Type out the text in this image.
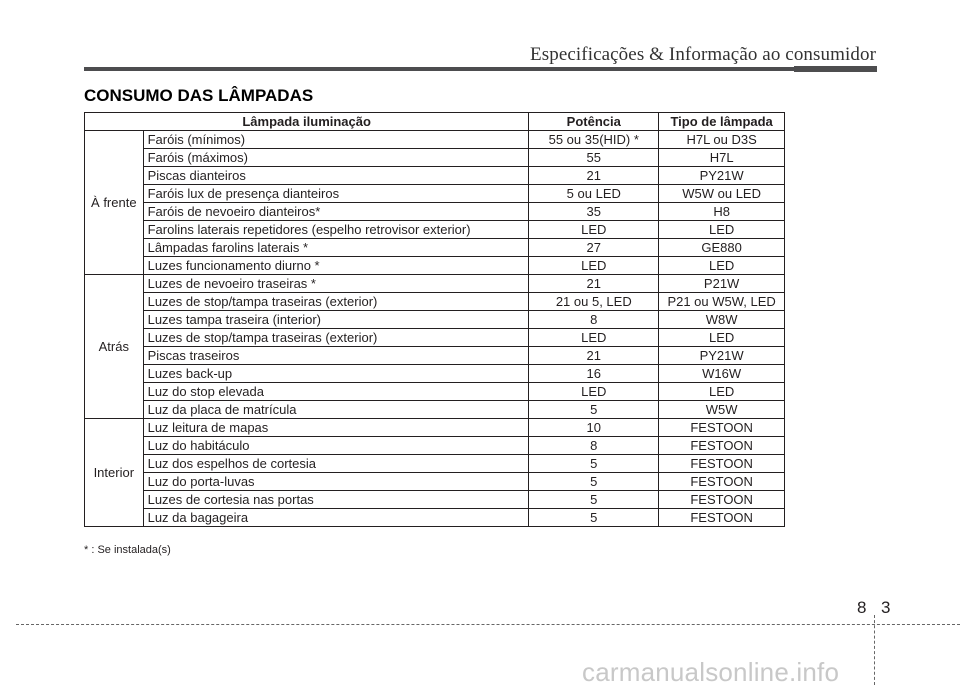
Especificações & Informação ao consumidor
CONSUMO DAS LÂMPADAS
Lâmpada iluminação		Potência	Tipo de lâmpada
À frente	Faróis (mínimos)	55 ou 35(HID) *	H7L ou D3S
	Faróis (máximos)	55	H7L
	Piscas dianteiros	21	PY21W
	Faróis lux de presença dianteiros	5 ou LED	W5W ou LED
	Faróis de nevoeiro dianteiros*	35	H8
	Farolins laterais repetidores (espelho retrovisor exterior)	LED	LED
	Lâmpadas farolins laterais *	27	GE880
	Luzes funcionamento diurno *	LED	LED
Atrás	Luzes de nevoeiro traseiras *	21	P21W
	Luzes de stop/tampa traseiras (exterior)	21 ou 5, LED	P21 ou W5W, LED
	Luzes tampa traseira (interior)	8	W8W
	Luzes de stop/tampa traseiras (exterior)	LED	LED
	Piscas traseiros	21	PY21W
	Luzes back-up	16	W16W
	Luz do stop elevada	LED	LED
	Luz da placa de matrícula	5	W5W
Interior	Luz leitura de mapas	10	FESTOON
	Luz do habitáculo	8	FESTOON
	Luz dos espelhos de cortesia	5	FESTOON
	Luz do porta-luvas	5	FESTOON
	Luzes de cortesia nas portas	5	FESTOON
	Luz da bagageira	5	FESTOON
* : Se instalada(s)
8 3
carmanualsonline.info
